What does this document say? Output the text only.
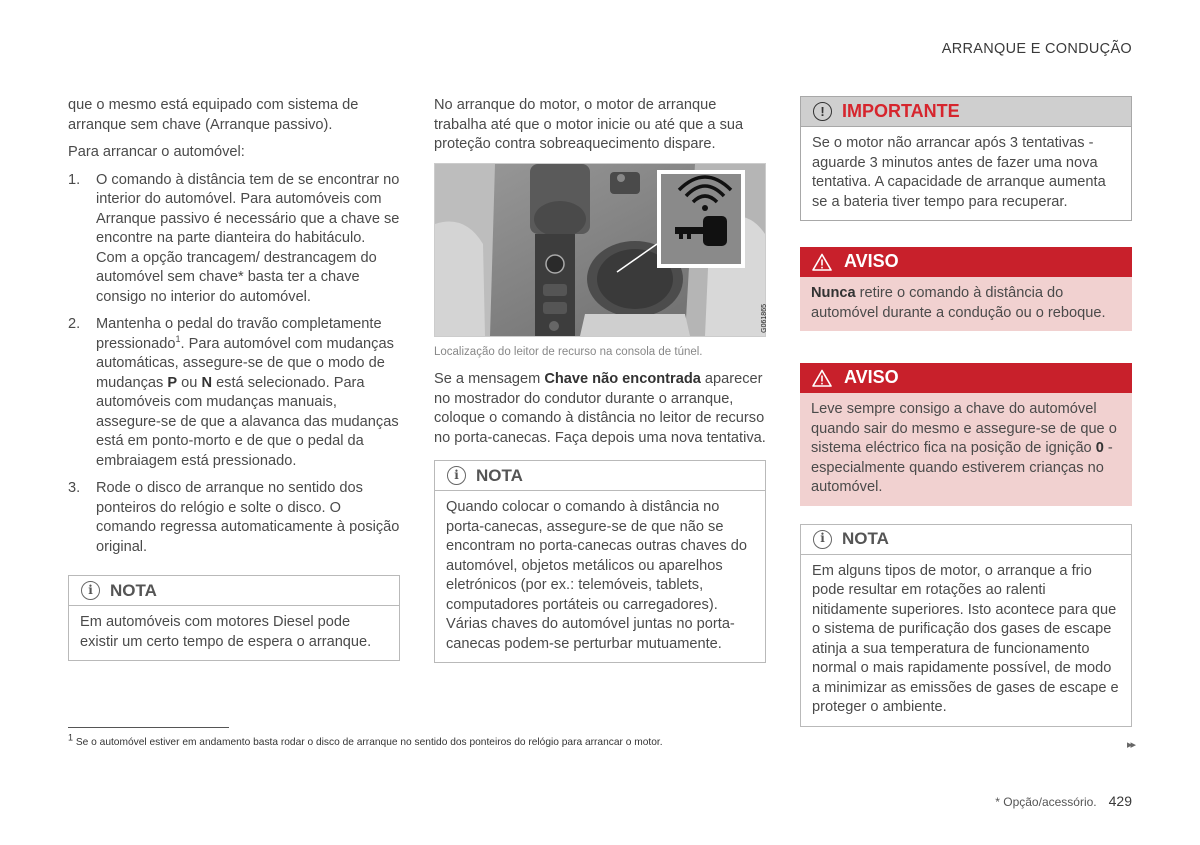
ARRANQUE E CONDUÇÃO

que o mesmo está equipado com sistema de arranque sem chave (Arranque passivo).

Para arrancar o automóvel:

1.	O comando à distância tem de se encontrar no interior do automóvel. Para automóveis com Arranque passivo é necessário que a chave se encontre na parte dianteira do habitáculo. Com a opção trancagem/ destrancagem do automóvel sem chave* basta ter a chave consigo no interior do automóvel.
2.	Mantenha o pedal do travão completamente pressionado$^1$. Para automóvel com mudanças automáticas, assegure-se de que o modo de mudanças P ou N está selecionado. Para automóveis com mudanças manuais, assegure-se de que a alavanca das mudanças está em ponto-morto e de que o pedal da embraiagem está pressionado.
3.	Rode o disco de arranque no sentido dos ponteiros do relógio e solte o disco. O comando regressa automaticamente à posição original.
i	NOTA
Em automóveis com motores Diesel pode existir um certo tempo de espera o arranque.

No arranque do motor, o motor de arranque trabalha até que o motor inicie ou até que a sua proteção contra sobreaquecimento dispare.

G061865
Localização do leitor de recurso na consola de túnel.

Se a mensagem Chave não encontrada aparecer no mostrador do condutor durante o arranque, coloque o comando à distância no leitor de recurso no porta-canecas. Faça depois uma nova tentativa.

i	NOTA
Quando colocar o comando à distância no porta-canecas, assegure-se de que não se encontram no porta-canecas outras chaves do automóvel, objetos metálicos ou aparelhos eletrónicos (por ex.: telemóveis, tablets, computadores portáteis ou carregadores). Várias chaves do automóvel juntas no porta-canecas podem-se perturbar mutuamente.
! IMPORTANTE
Se o motor não arrancar após 3 tentativas - aguarde 3 minutos antes de fazer uma nova tentativa. A capacidade de arranque aumenta se a bateria tiver tempo para recuperar.
AVISO
Nunca retire o comando à distância do automóvel durante a condução ou o reboque.
AVISO
Leve sempre consigo a chave do automóvel quando sair do mesmo e assegure-se de que o sistema eléctrico fica na posição de ignição 0 - especialmente quando estiverem crianças no automóvel.
i	NOTA
Em alguns tipos de motor, o arranque a frio pode resultar em rotações ao ralenti nitidamente superiores. Isto acontece para que o sistema de purificação dos gases de escape atinja a sua temperatura de funcionamento normal o mais rapidamente possível, de modo a minimizar as emissões de gases de escape e proteger o ambiente.
$^1$ Se o automóvel estiver em andamento basta rodar o disco de arranque no sentido dos ponteiros do relógio para arrancar o motor.	▸▸
* Opção/acessório. 429
